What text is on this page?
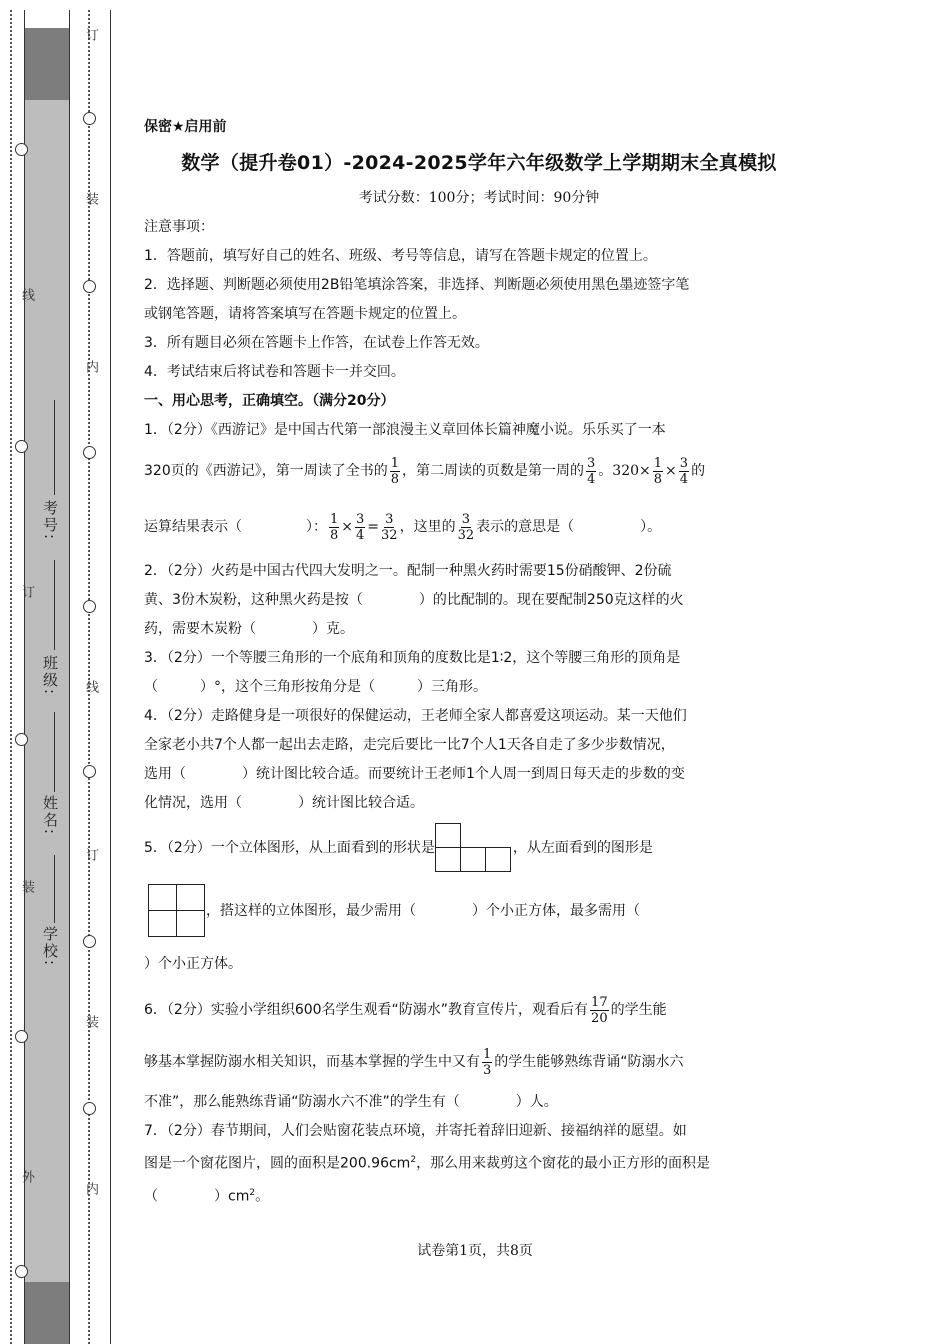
订
装
内
线
订
装
内
线
订
装
外
考号:
班级:
姓名:
学校:
保密★启用前
数学（提升卷01）-2024-2025学年六年级数学上学期期末全真模拟
考试分数：100分；考试时间：90分钟
注意事项：
1．答题前，填写好自己的姓名、班级、考号等信息，请写在答题卡规定的位置上。
2．选择题、判断题必须使用2B铅笔填涂答案，非选择、判断题必须使用黑色墨迹签字笔
或钢笔答题，请将答案填写在答题卡规定的位置上。
3．所有题目必须在答题卡上作答，在试卷上作答无效。
4．考试结束后将试卷和答题卡一并交回。
一、用心思考，正确填空。（满分20分）
1．（2分）《西游记》是中国古代第一部浪漫主义章回体长篇神魔小说。乐乐买了一本
320页的《西游记》，第一周读了全书的 $\frac{1}{8}$ ，第二周读的页数是第一周的 $\frac{3}{4}$ 。$320\times \frac{1}{8} \times \frac{3}{4}$ 的
运算结果表示（	）： $\frac{1}{8} \times \frac{3}{4} = \frac{3}{32}$ ，这里的 $\frac{3}{32}$ 表示的意思是（	）。
2．（2分）火药是中国古代四大发明之一。配制一种黑火药时需要15份硝酸钾、2份硫
黄、3份木炭粉，这种黑火药是按（　　　　）的比配制的。现在要配制250克这样的火
药，需要木炭粉（　　　　）克。
3．（2分）一个等腰三角形的一个底角和顶角的度数比是1∶2，这个等腰三角形的顶角是
（　　　）°，这个三角形按角分是（　　　）三角形。
4．（2分）走路健身是一项很好的保健运动，王老师全家人都喜爱这项运动。某一天他们
全家老小共7个人都一起出去走路，走完后要比一比7个人1天各自走了多少步数情况，
选用（　　　　）统计图比较合适。而要统计王老师1个人周一到周日每天走的步数的变
化情况，选用（　　　　）统计图比较合适。
5．（2分）一个立体图形，从上面看到的形状是	，从左面看到的图形是
，搭这样的立体图形，最少需用（　　　　）个小正方体，最多需用（
）个小正方体。
6．（2分）实验小学组织600名学生观看“防溺水”教育宣传片，观看后有 $\frac{17}{20}$ 的学生能
够基本掌握防溺水相关知识，而基本掌握的学生中又有 $\frac{1}{3}$ 的学生能够熟练背诵“防溺水六
不准”，那么能熟练背诵“防溺水六不准”的学生有（　　　　）人。
7．（2分）春节期间，人们会贴窗花装点环境，并寄托着辞旧迎新、接福纳祥的愿望。如
图是一个窗花图片，圆的面积是$200.96cm^2$，那么用来裁剪这个窗花的最小正方形的面积是
（　　　　）$cm^2$。
试卷第1页，共8页
